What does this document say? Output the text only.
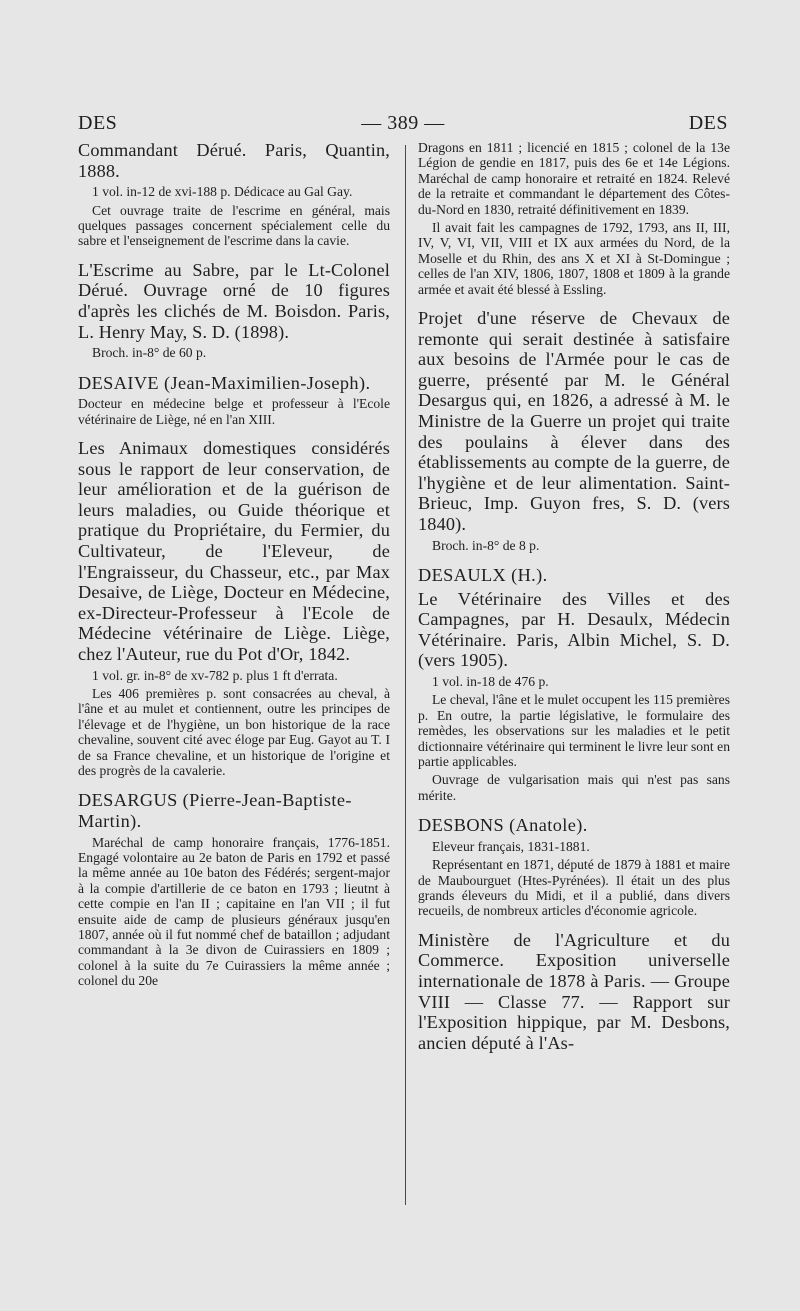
DES	— 389 —	DES

Commandant Dérué. Paris, Quantin, 1888.

1 vol. in-12 de xvi-188 p. Dédicace au Gal Gay.

Cet ouvrage traite de l'escrime en général, mais quelques passages concernent spécialement celle du sabre et l'enseignement de l'escrime dans la cavie.

L'Escrime au Sabre, par le Lt-Colonel Dérué. Ouvrage orné de 10 figures d'après les clichés de M. Boisdon. Paris, L. Henry May, S. D. (1898).

Broch. in-8° de 60 p.

DESAIVE (Jean-Maximilien-Joseph).

Docteur en médecine belge et professeur à l'Ecole vétérinaire de Liège, né en l'an XIII.

Les Animaux domestiques considérés sous le rapport de leur conservation, de leur amélioration et de la guérison de leurs maladies, ou Guide théorique et pratique du Propriétaire, du Fermier, du Cultivateur, de l'Eleveur, de l'Engraisseur, du Chasseur, etc., par Max Desaive, de Liège, Docteur en Médecine, ex-Directeur-Professeur à l'Ecole de Médecine vétérinaire de Liège. Liège, chez l'Auteur, rue du Pot d'Or, 1842.

1 vol. gr. in-8° de xv-782 p. plus 1 ft d'errata.

Les 406 premières p. sont consacrées au cheval, à l'âne et au mulet et contiennent, outre les principes de l'élevage et de l'hygiène, un bon historique de la race chevaline, souvent cité avec éloge par Eug. Gayot au T. I de sa France chevaline, et un historique de l'origine et des progrès de la cavalerie.

DESARGUS (Pierre-Jean-Baptiste-Martin).

Maréchal de camp honoraire français, 1776-1851. Engagé volontaire au 2e baton de Paris en 1792 et passé la même année au 10e baton des Fédérés; sergent-major à la compie d'artillerie de ce baton en 1793 ; lieutnt à cette compie en l'an II ; capitaine en l'an VII ; il fut ensuite aide de camp de plusieurs généraux jusqu'en 1807, année où il fut nommé chef de bataillon ; adjudant commandant à la 3e divon de Cuirassiers en 1809 ; colonel à la suite du 7e Cuirassiers la même année ; colonel du 20e

Dragons en 1811 ; licencié en 1815 ; colonel de la 13e Légion de gendie en 1817, puis des 6e et 14e Légions. Maréchal de camp honoraire et retraité en 1824. Relevé de la retraite et commandant le département des Côtes-du-Nord en 1830, retraité définitivement en 1839.

Il avait fait les campagnes de 1792, 1793, ans II, III, IV, V, VI, VII, VIII et IX aux armées du Nord, de la Moselle et du Rhin, des ans X et XI à St-Domingue ; celles de l'an XIV, 1806, 1807, 1808 et 1809 à la grande armée et avait été blessé à Essling.

Projet d'une réserve de Chevaux de remonte qui serait destinée à satisfaire aux besoins de l'Armée pour le cas de guerre, présenté par M. le Général Desargus qui, en 1826, a adressé à M. le Ministre de la Guerre un projet qui traite des poulains à élever dans des établissements au compte de la guerre, de l'hygiène et de leur alimentation. Saint-Brieuc, Imp. Guyon fres, S. D. (vers 1840).

Broch. in-8° de 8 p.

DESAULX (H.).

Le Vétérinaire des Villes et des Campagnes, par H. Desaulx, Médecin Vétérinaire. Paris, Albin Michel, S. D. (vers 1905).

1 vol. in-18 de 476 p.

Le cheval, l'âne et le mulet occupent les 115 premières p. En outre, la partie législative, le formulaire des remèdes, les observations sur les maladies et le petit dictionnaire vétérinaire qui terminent le livre leur sont en partie applicables.

Ouvrage de vulgarisation mais qui n'est pas sans mérite.

DESBONS (Anatole).

Eleveur français, 1831-1881.

Représentant en 1871, député de 1879 à 1881 et maire de Maubourguet (Htes-Pyrénées). Il était un des plus grands éleveurs du Midi, et il a publié, dans divers recueils, de nombreux articles d'économie agricole.

Ministère de l'Agriculture et du Commerce. Exposition universelle internationale de 1878 à Paris. — Groupe VIII — Classe 77. — Rapport sur l'Exposition hippique, par M. Desbons, ancien député à l'As-
